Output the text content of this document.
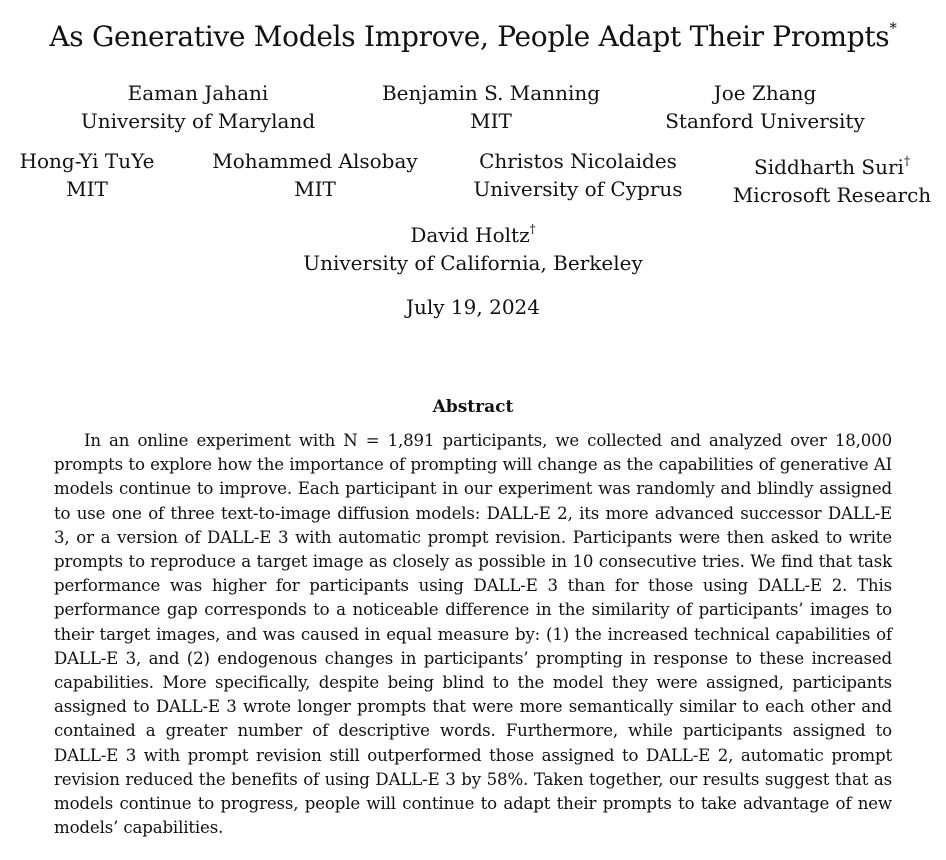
As Generative Models Improve, People Adapt Their Prompts*
Eaman Jahani
University of Maryland
Benjamin S. Manning
MIT
Joe Zhang
Stanford University
Hong-Yi TuYe
MIT
Mohammed Alsobay
MIT
Christos Nicolaides
University of Cyprus
Siddharth Suri†
Microsoft Research
David Holtz†
University of California, Berkeley
July 19, 2024
Abstract
In an online experiment with N = 1,891 participants, we collected and analyzed over 18,000 prompts to explore how the importance of prompting will change as the capabilities of generative AI models continue to improve. Each participant in our experiment was randomly and blindly assigned to use one of three text-to-image diffusion models: DALL-E 2, its more advanced successor DALL-E 3, or a version of DALL-E 3 with automatic prompt revision. Participants were then asked to write prompts to reproduce a target image as closely as possible in 10 consecutive tries. We find that task performance was higher for participants using DALL-E 3 than for those using DALL-E 2. This performance gap corresponds to a noticeable difference in the similarity of participants’ images to their target images, and was caused in equal measure by: (1) the increased technical capabilities of DALL-E 3, and (2) endogenous changes in participants’ prompting in response to these increased capabilities. More specifically, despite being blind to the model they were assigned, participants assigned to DALL-E 3 wrote longer prompts that were more semantically similar to each other and contained a greater number of descriptive words. Furthermore, while participants assigned to DALL-E 3 with prompt revision still outperformed those assigned to DALL-E 2, automatic prompt revision reduced the benefits of using DALL-E 3 by 58%. Taken together, our results suggest that as models continue to progress, people will continue to adapt their prompts to take advantage of new models’ capabilities.
